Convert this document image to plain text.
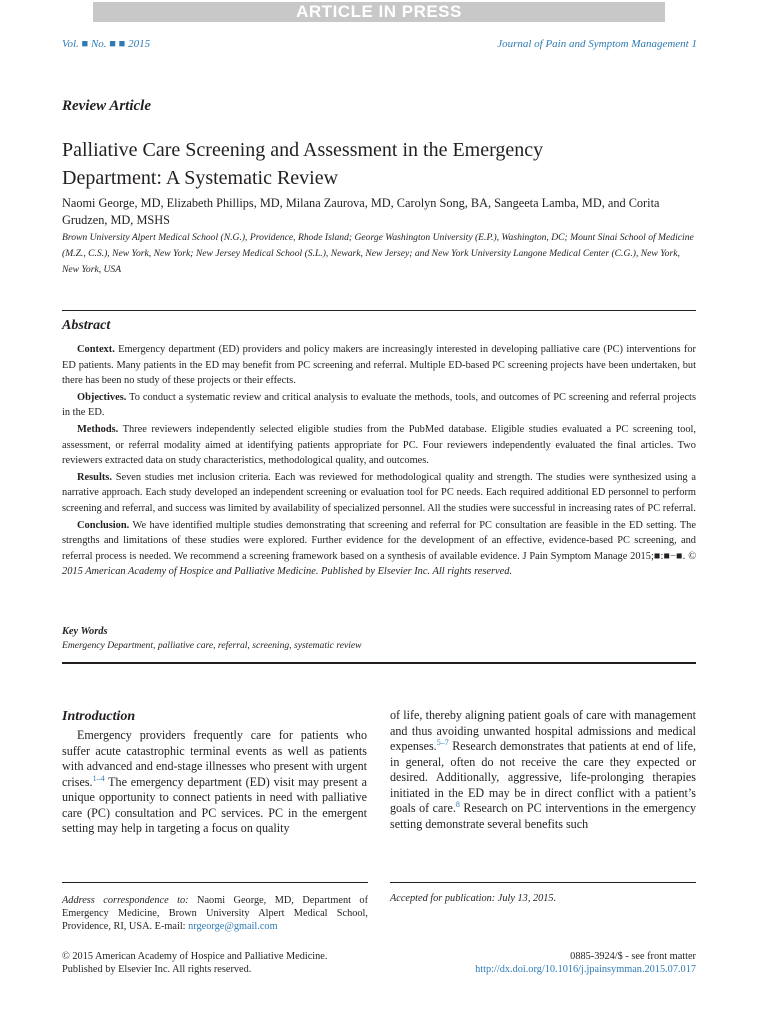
ARTICLE IN PRESS
Vol. ■ No. ■ ■ 2015	Journal of Pain and Symptom Management 1
Review Article
Palliative Care Screening and Assessment in the Emergency
Department: A Systematic Review
Naomi George, MD, Elizabeth Phillips, MD, Milana Zaurova, MD, Carolyn Song, BA, Sangeeta Lamba, MD, and Corita Grudzen, MD, MSHS
Brown University Alpert Medical School (N.G.), Providence, Rhode Island; George Washington University (E.P.), Washington, DC; Mount Sinai School of Medicine (M.Z., C.S.), New York, New York; New Jersey Medical School (S.L.), Newark, New Jersey; and New York University Langone Medical Center (C.G.), New York, New York, USA
Abstract

Context. Emergency department (ED) providers and policy makers are increasingly interested in developing palliative care (PC) interventions for ED patients. Many patients in the ED may benefit from PC screening and referral. Multiple ED-based PC screening projects have been undertaken, but there has been no study of these projects or their effects.

Objectives. To conduct a systematic review and critical analysis to evaluate the methods, tools, and outcomes of PC screening and referral projects in the ED.

Methods. Three reviewers independently selected eligible studies from the PubMed database. Eligible studies evaluated a PC screening tool, assessment, or referral modality aimed at identifying patients appropriate for PC. Four reviewers independently evaluated the final articles. Two reviewers extracted data on study characteristics, methodological quality, and outcomes.

Results. Seven studies met inclusion criteria. Each was reviewed for methodological quality and strength. The studies were synthesized using a narrative approach. Each study developed an independent screening or evaluation tool for PC needs. Each required additional ED personnel to perform screening and referral, and success was limited by availability of specialized personnel. All the studies were successful in increasing rates of PC referral.

Conclusion. We have identified multiple studies demonstrating that screening and referral for PC consultation are feasible in the ED setting. The strengths and limitations of these studies were explored. Further evidence for the development of an effective, evidence-based PC screening, and referral process is needed. We recommend a screening framework based on a synthesis of available evidence. J Pain Symptom Manage 2015;■:■−■. © 2015 American Academy of Hospice and Palliative Medicine. Published by Elsevier Inc. All rights reserved.

Key Words
Emergency Department, palliative care, referral, screening, systematic review
Introduction

Emergency providers frequently care for patients who suffer acute catastrophic terminal events as well as patients with advanced and end-stage illnesses who present with urgent crises.$^{1-4}$ The emergency department (ED) visit may present a unique opportunity to connect patients in need with palliative care (PC) consultation and PC services. PC in the emergent setting may help in targeting a focus on quality

of life, thereby aligning patient goals of care with management and thus avoiding unwanted hospital admissions and medical expenses.$^{5-7}$ Research demonstrates that patients at end of life, in general, often do not receive the care they expected or desired. Additionally, aggressive, life-prolonging therapies initiated in the ED may be in direct conflict with a patient’s goals of care.$^8$ Research on PC interventions in the emergency setting demonstrate several benefits such

Address correspondence to: Naomi George, MD, Department of Emergency Medicine, Brown University Alpert Medical School, Providence, RI, USA. E-mail: nrgeorge@gmail.com
Accepted for publication: July 13, 2015.
© 2015 American Academy of Hospice and Palliative Medicine.
Published by Elsevier Inc. All rights reserved.
0885-3924/$ - see front matter
http://dx.doi.org/10.1016/j.jpainsymman.2015.07.017
